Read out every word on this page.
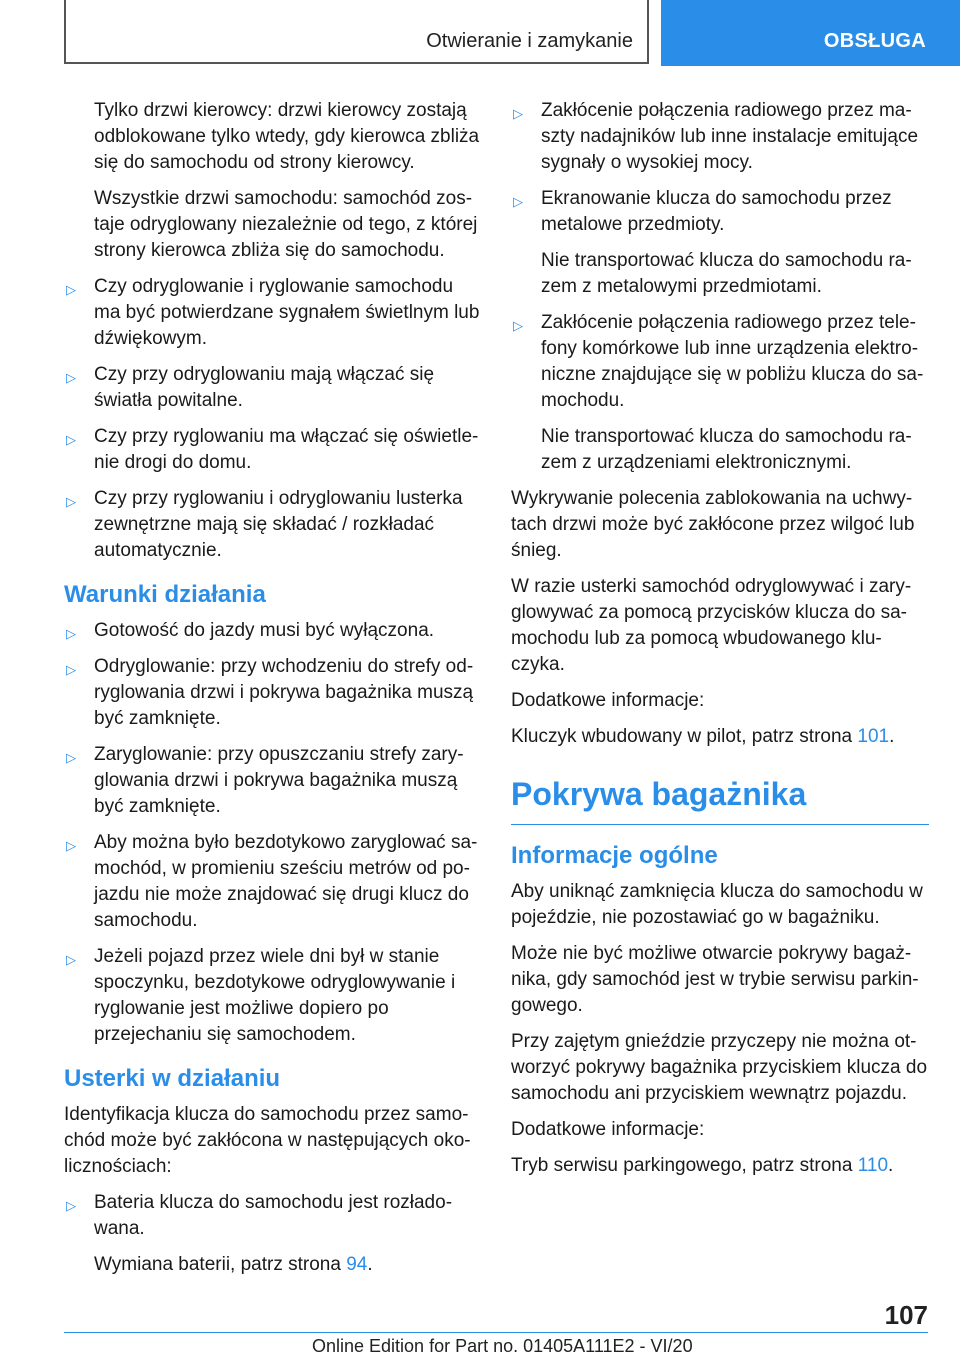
Otwieranie i zamykanie	OBSŁUGA

Tylko drzwi kierowcy: drzwi kierowcy zostają odblokowane tylko wtedy, gdy kierowca zbliża się do samochodu od strony kierowcy.

Wszystkie drzwi samochodu: samochód zostaje odryglowany niezależnie od tego, z której strony kierowca zbliża się do samochodu.

▷ Czy odryglowanie i ryglowanie samochodu ma być potwierdzane sygnałem świetlnym lub dźwiękowym.

▷ Czy przy odryglowaniu mają włączać się światła powitalne.

▷ Czy przy ryglowaniu ma włączać się oświetlenie drogi do domu.

▷ Czy przy ryglowaniu i odryglowaniu lusterka zewnętrzne mają się składać / rozkładać automatycznie.

Warunki działania
▷ Gotowość do jazdy musi być wyłączona.

▷ Odryglowanie: przy wchodzeniu do strefy odryglowania drzwi i pokrywa bagażnika muszą być zamknięte.

▷ Zaryglowanie: przy opuszczaniu strefy zaryglowania drzwi i pokrywa bagażnika muszą być zamknięte.

▷ Aby można było bezdotykowo zaryglować samochód, w promieniu sześciu metrów od pojazdu nie może znajdować się drugi klucz do samochodu.

▷ Jeżeli pojazd przez wiele dni był w stanie spoczynku, bezdotykowe odryglowywanie i ryglowanie jest możliwe dopiero po przejechaniu się samochodem.

Usterki w działaniu

Identyfikacja klucza do samochodu przez samochód może być zakłócona w następujących okolicznościach:

▷ Bateria klucza do samochodu jest rozładowana.

Wymiana baterii, patrz strona 94.

▷ Zakłócenie połączenia radiowego przez maszty nadajników lub inne instalacje emitujące sygnały o wysokiej mocy.

▷ Ekranowanie klucza do samochodu przez metalowe przedmioty.

Nie transportować klucza do samochodu razem z metalowymi przedmiotami.

▷ Zakłócenie połączenia radiowego przez telefony komórkowe lub inne urządzenia elektroniczne znajdujące się w pobliżu klucza do samochodu.

Nie transportować klucza do samochodu razem z urządzeniami elektronicznymi.

Wykrywanie polecenia zablokowania na uchwytach drzwi może być zakłócone przez wilgoć lub śnieg.

W razie usterki samochód odryglowywać i zaryglowywać za pomocą przycisków klucza do samochodu lub za pomocą wbudowanego kluczyka.

Dodatkowe informacje:

Kluczyk wbudowany w pilot, patrz strona 101.

Pokrywa bagażnika
Informacje ogólne

Aby uniknąć zamknięcia klucza do samochodu w pojeździe, nie pozostawiać go w bagażniku.

Może nie być możliwe otwarcie pokrywy bagażnika, gdy samochód jest w trybie serwisu parkingowego.

Przy zajętym gnieździe przyczepy nie można otworzyć pokrywy bagażnika przyciskiem klucza do samochodu ani przyciskiem wewnątrz pojazdu.

Dodatkowe informacje:

Tryb serwisu parkingowego, patrz strona 110.

107
Online Edition for Part no. 01405A111E2 - VI/20
